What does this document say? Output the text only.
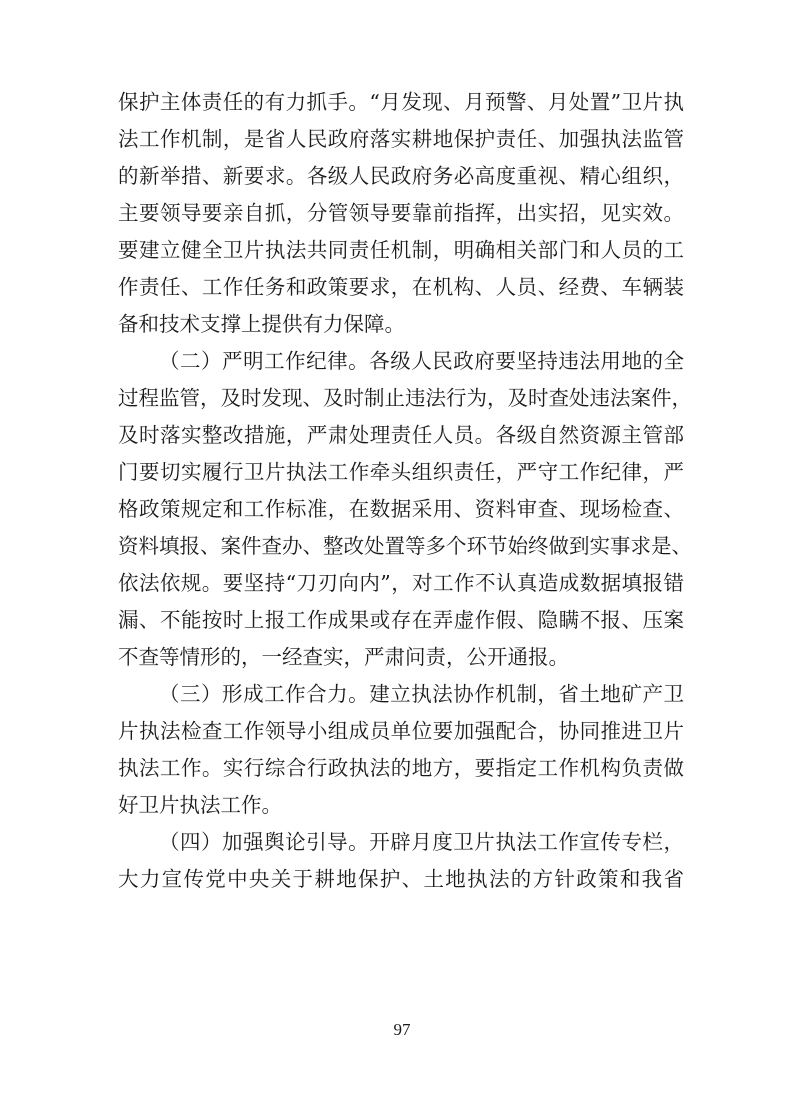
保护主体责任的有力抓手。“月发现、月预警、月处置”卫片执
法工作机制，是省人民政府落实耕地保护责任、加强执法监管
的新举措、新要求。各级人民政府务必高度重视、精心组织，
主要领导要亲自抓，分管领导要靠前指挥，出实招，见实效。
要建立健全卫片执法共同责任机制，明确相关部门和人员的工
作责任、工作任务和政策要求，在机构、人员、经费、车辆装
备和技术支撑上提供有力保障。
（二）严明工作纪律。各级人民政府要坚持违法用地的全
过程监管，及时发现、及时制止违法行为，及时查处违法案件，
及时落实整改措施，严肃处理责任人员。各级自然资源主管部
门要切实履行卫片执法工作牵头组织责任，严守工作纪律，严
格政策规定和工作标准，在数据采用、资料审查、现场检查、
资料填报、案件查办、整改处置等多个环节始终做到实事求是、
依法依规。要坚持“刀刃向内”，对工作不认真造成数据填报错
漏、不能按时上报工作成果或存在弄虚作假、隐瞒不报、压案
不查等情形的，一经查实，严肃问责，公开通报。
（三）形成工作合力。建立执法协作机制，省土地矿产卫
片执法检查工作领导小组成员单位要加强配合，协同推进卫片
执法工作。实行综合行政执法的地方，要指定工作机构负责做
好卫片执法工作。
（四）加强舆论引导。开辟月度卫片执法工作宣传专栏，
大力宣传党中央关于耕地保护、土地执法的方针政策和我省
97
